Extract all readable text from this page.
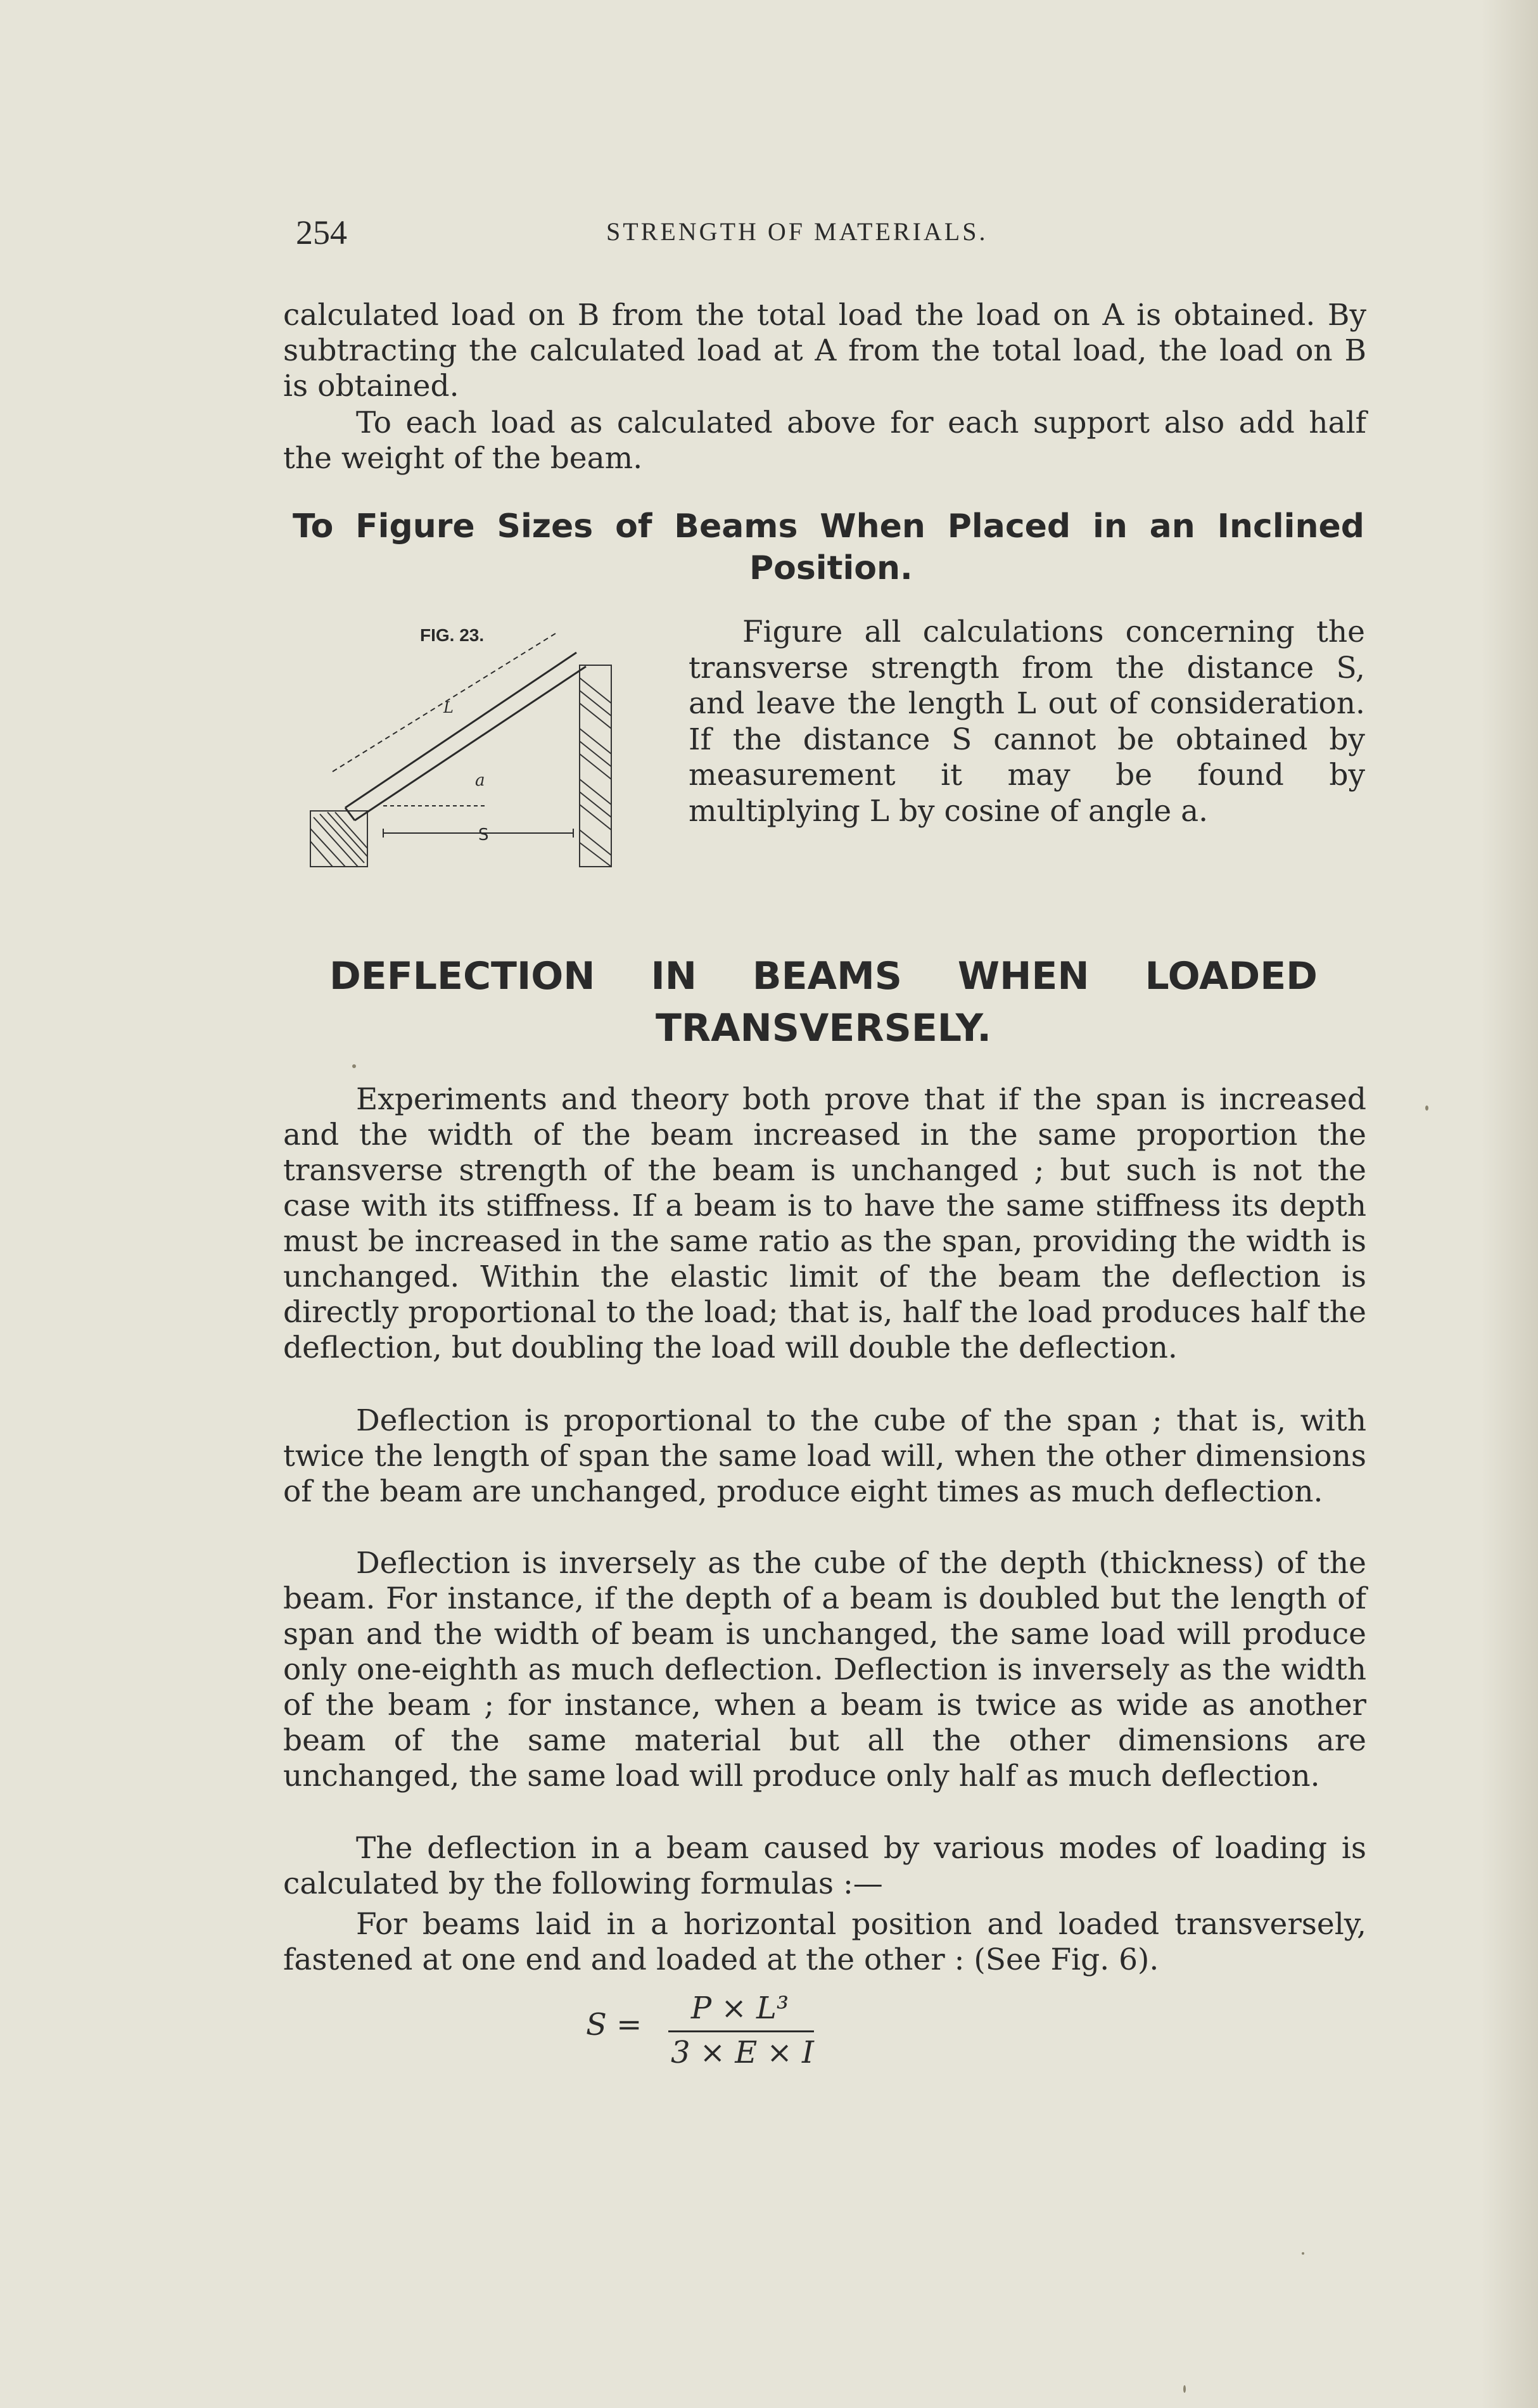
254	STRENGTH OF MATERIALS.

calculated load on B from the total load the load on A is obtained. By subtracting the calculated load at A from the total load, the load on B is obtained.

To each load as calculated above for each support also add half the weight of the beam.

To Figure Sizes of Beams When Placed in an Inclined
Position.
FIG. 23.
L
S
a

Figure all calculations concerning the transverse strength from the distance S, and leave the length L out of consideration. If the distance S cannot be obtained by measurement it may be found by multiplying L by cosine of angle a.

DEFLECTION IN BEAMS WHEN LOADED
TRANSVERSELY.

Experiments and theory both prove that if the span is increased and the width of the beam increased in the same proportion the transverse strength of the beam is unchanged ; but such is not the case with its stiffness. If a beam is to have the same stiffness its depth must be increased in the same ratio as the span, providing the width is unchanged. Within the elastic limit of the beam the deflection is directly proportional to the load; that is, half the load produces half the deflection, but doubling the load will double the deflection.

Deflection is proportional to the cube of the span ; that is, with twice the length of span the same load will, when the other dimensions of the beam are unchanged, produce eight times as much deflection.

Deflection is inversely as the cube of the depth (thickness) of the beam. For instance, if the depth of a beam is doubled but the length of span and the width of beam is unchanged, the same load will produce only one-eighth as much deflection. Deflection is inversely as the width of the beam ; for instance, when a beam is twice as wide as another beam of the same material but all the other dimensions are unchanged, the same load will produce only half as much deflection.

The deflection in a beam caused by various modes of loading is calculated by the following formulas :—

For beams laid in a horizontal position and loaded transversely, fastened at one end and loaded at the other : (See Fig. 6).

S =	P × L³
3 × E × I
